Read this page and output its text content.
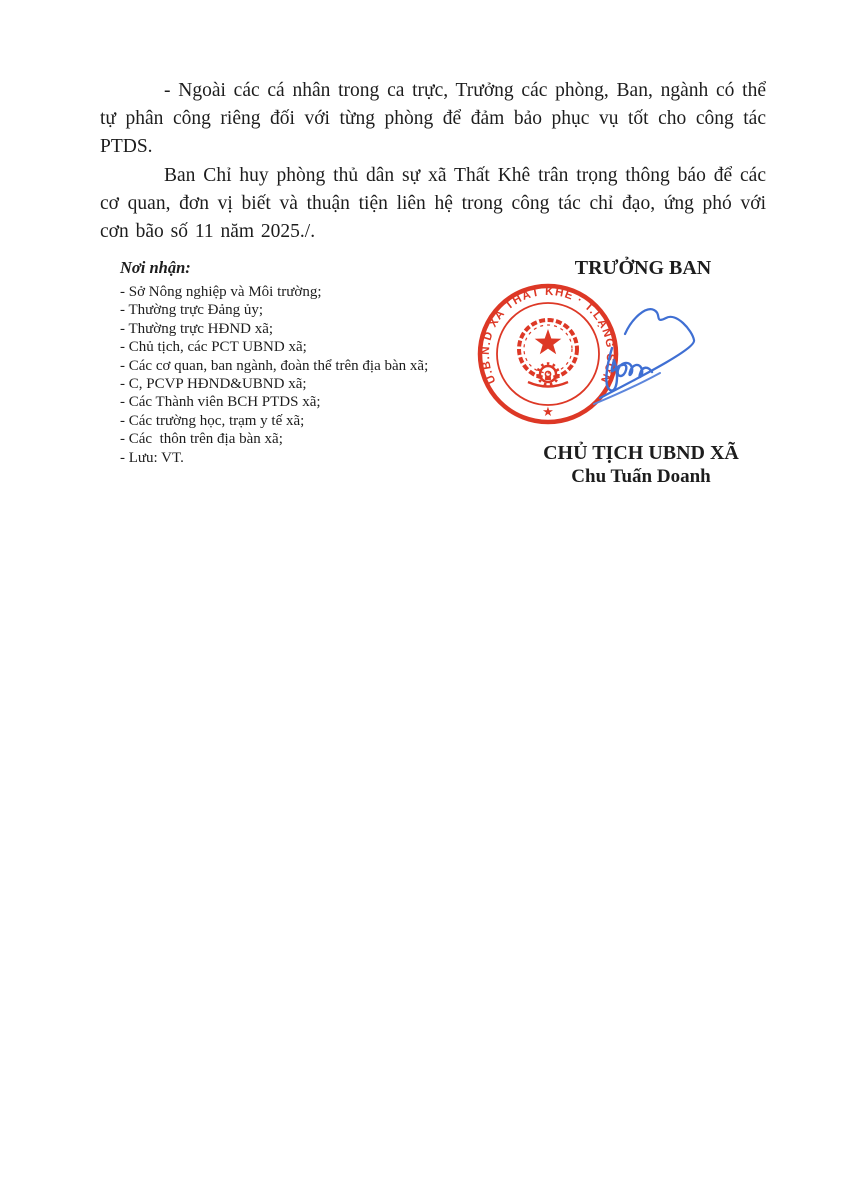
- Ngoài các cá nhân trong ca trực, Trưởng các phòng, Ban, ngành có thể tự phân công riêng đối với từng phòng để đảm bảo phục vụ tốt cho công tác PTDS.

Ban Chỉ huy phòng thủ dân sự xã Thất Khê trân trọng thông báo để các cơ quan, đơn vị biết và thuận tiện liên hệ trong công tác chỉ đạo, ứng phó với cơn bão số 11 năm 2025./.

Nơi nhận:
- Sở Nông nghiệp và Môi trường;
- Thường trực Đảng ủy;
- Thường trực HĐND xã;
- Chủ tịch, các PCT UBND xã;
- Các cơ quan, ban ngành, đoàn thể trên địa bàn xã;
- C, PCVP HĐND&UBND xã;
- Các Thành viên BCH PTDS xã;
- Các trường học, trạm y tế xã;
- Các  thôn trên địa bàn xã;
- Lưu: VT.
TRƯỞNG BAN
U.B.N.D XÃ THẤT KHÊ · T.LẠNG SƠN
★
CHỦ TỊCH UBND XÃ
Chu Tuấn Doanh
